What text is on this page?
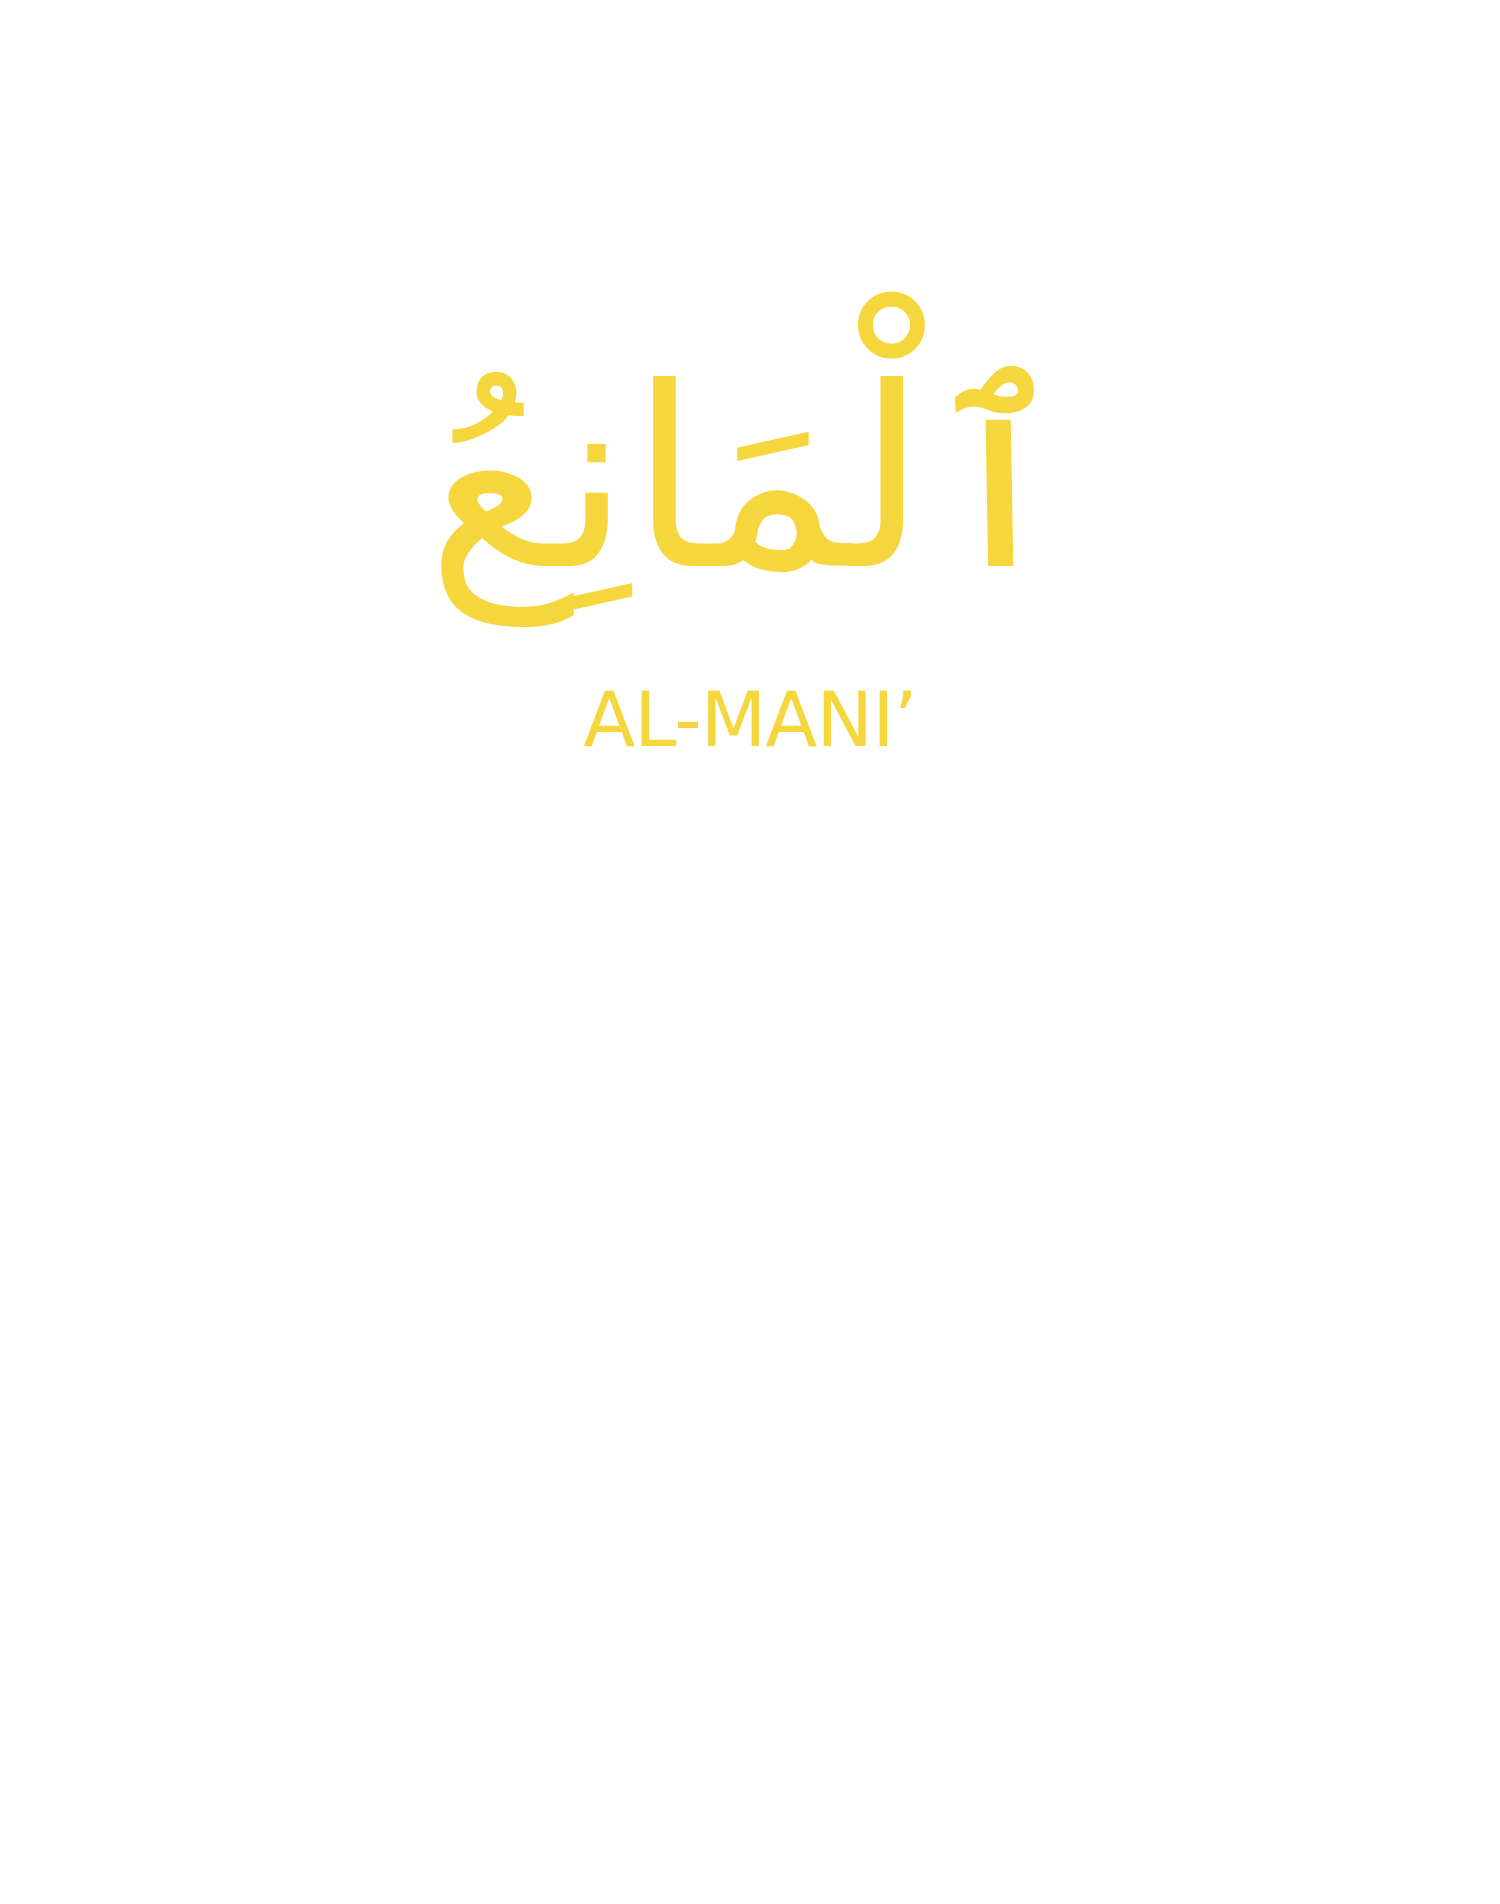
ٱلْمَانِعُ
AL-MANI’
